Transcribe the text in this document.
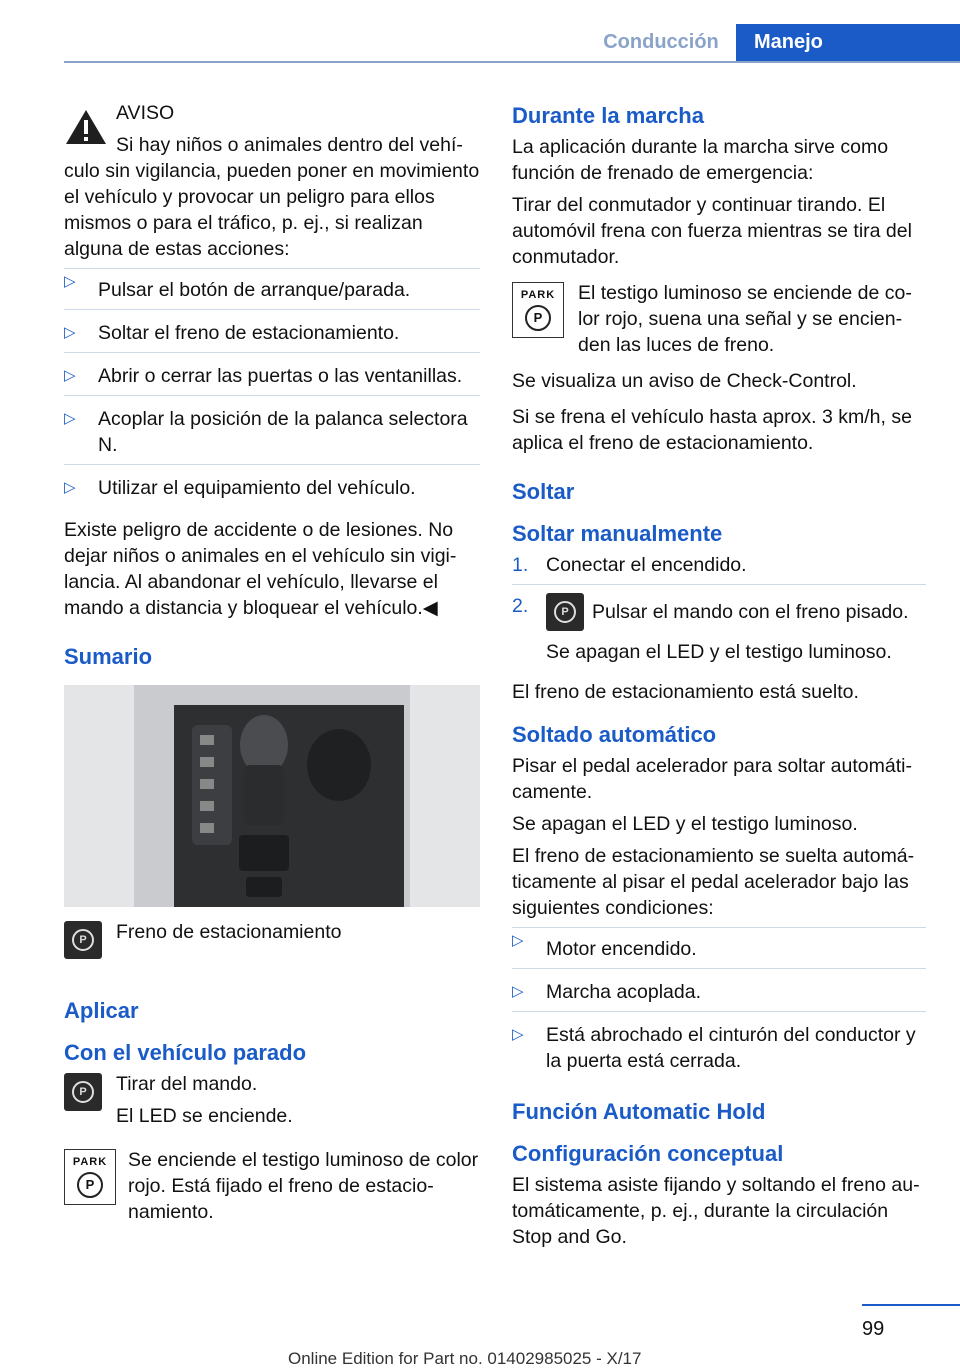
Conducción	Manejo

AVISO

Si hay niños o animales dentro del vehículo sin vigilancia, pueden poner en movimiento el vehículo y provocar un peligro para ellos mismos o para el tráfico, p. ej., si realizan alguna de estas acciones:

▷ Pulsar el botón de arranque/parada.
▷ Soltar el freno de estacionamiento.
▷ Abrir o cerrar las puertas o las ventanillas.
▷ Acoplar la posición de la palanca selectora N.
▷ Utilizar el equipamiento del vehículo.

Existe peligro de accidente o de lesiones. No dejar niños o animales en el vehículo sin vigilancia. Al abandonar el vehículo, llevarse el mando a distancia y bloquear el vehículo.◀

Sumario
P	Freno de estacionamiento

Aplicar
Con el vehículo parado
P	Tirar del mando.

El LED se enciende.

PARK
P

Se enciende el testigo luminoso de color rojo. Está fijado el freno de estacionamiento.

Durante la marcha

La aplicación durante la marcha sirve como función de frenado de emergencia:

Tirar del conmutador y continuar tirando. El automóvil frena con fuerza mientras se tira del conmutador.

PARK
P

El testigo luminoso se enciende de color rojo, suena una señal y se encienden las luces de freno.

Se visualiza un aviso de Check-Control.

Si se frena el vehículo hasta aprox. 3 km/h, se aplica el freno de estacionamiento.

Soltar
Soltar manualmente
1. Conectar el encendido.
2.	P	Pulsar el mando con el freno pisado.
Se apagan el LED y el testigo luminoso.

El freno de estacionamiento está suelto.

Soltado automático

Pisar el pedal acelerador para soltar automáticamente.

Se apagan el LED y el testigo luminoso.

El freno de estacionamiento se suelta automáticamente al pisar el pedal acelerador bajo las siguientes condiciones:

▷ Motor encendido.
▷ Marcha acoplada.
▷ Está abrochado el cinturón del conductor y la puerta está cerrada.
Función Automatic Hold
Configuración conceptual

El sistema asiste fijando y soltando el freno automáticamente, p. ej., durante la circulación Stop and Go.

99
Online Edition for Part no. 01402985025 - X/17
